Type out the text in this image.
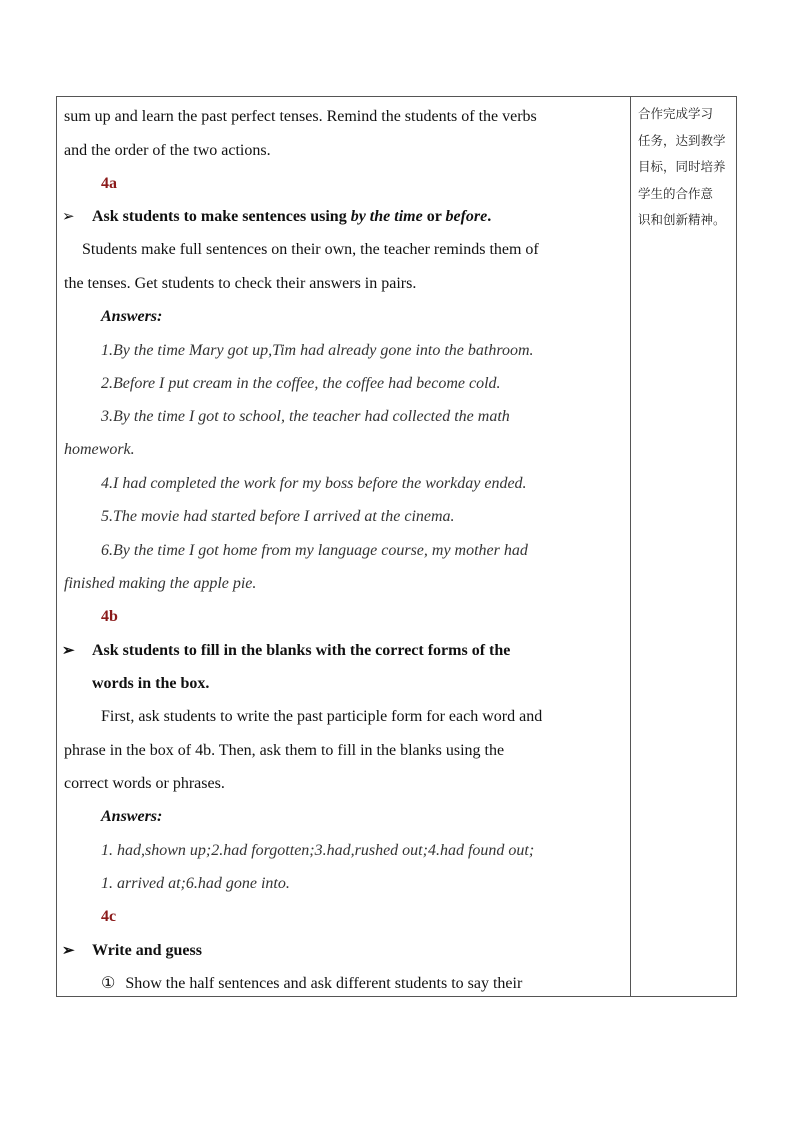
sum up and learn the past perfect tenses. Remind the students of the verbs
and the order of the two actions.
4a
➢ Ask students to make sentences using by the time or before.
Students make full sentences on their own, the teacher reminds them of
the tenses. Get students to check their answers in pairs.
Answers:
1.By the time Mary got up,Tim had already gone into the bathroom.
2.Before I put cream in the coffee, the coffee had become cold.
3.By the time I got to school, the teacher had collected the math
homework.
4.I had completed the work for my boss before the workday ended.
5.The movie had started before I arrived at the cinema.
6.By the time I got home from my language course, my mother had
finished making the apple pie.
4b
➢ Ask students to fill in the blanks with the correct forms of the
words in the box.
First, ask students to write the past participle form for each word and
phrase in the box of 4b. Then, ask them to fill in the blanks using the
correct words or phrases.
Answers:
1. had,shown up;2.had forgotten;3.had,rushed out;4.had found out;
1. arrived at;6.had gone into.
4c
➢ Write and guess
① Show the half sentences and ask different students to say their
合作完成学习
任务，达到教学
目标，同时培养
学生的合作意
识和创新精神。
